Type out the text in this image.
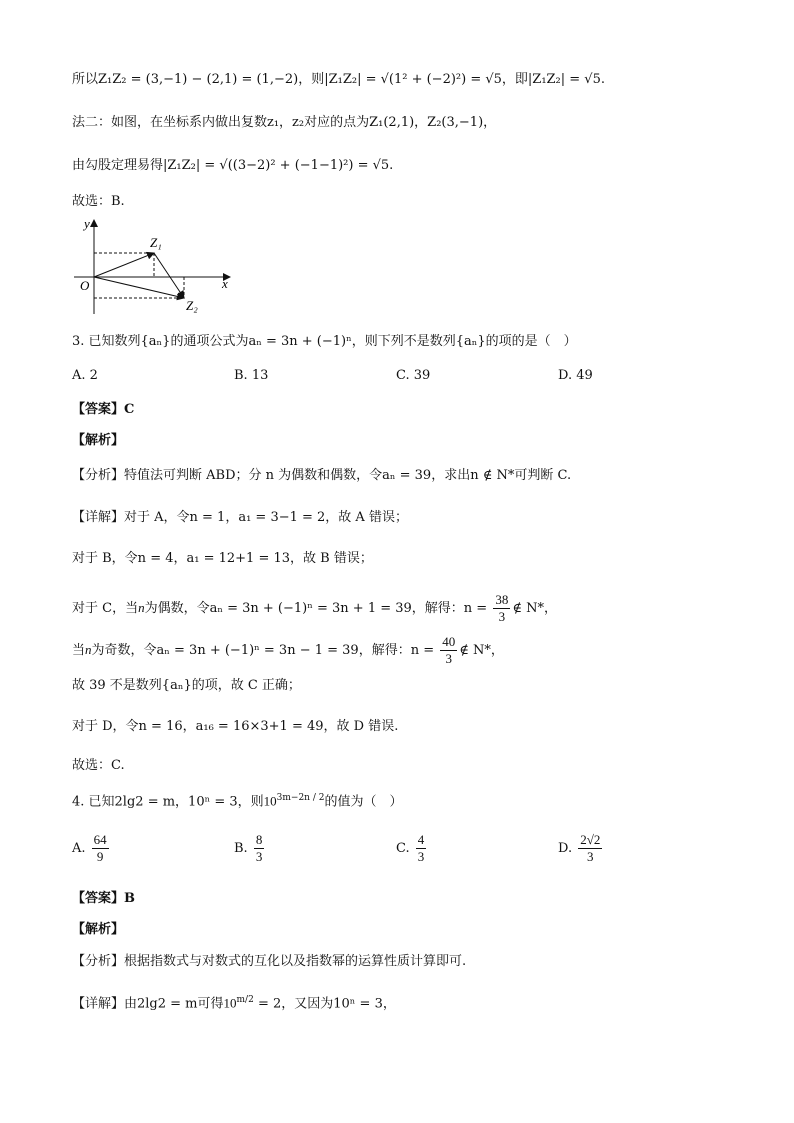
所以Z₁Z₂ = (3,−1) − (2,1) = (1,−2)，则|Z₁Z₂| = √(1² + (−2)²) = √5，即|Z₁Z₂| = √5.
法二：如图，在坐标系内做出复数z₁，z₂对应的点为Z₁(2,1)，Z₂(3,−1)，
由勾股定理易得|Z₁Z₂| = √((3−2)² + (−1−1)²) = √5.
故选：B.
y
x
O
Z₁
Z₂
3. 已知数列{aₙ}的通项公式为aₙ = 3n + (−1)ⁿ，则下列不是数列{aₙ}的项的是（　）
A. 2	B. 13	C. 39	D. 49
【答案】C
【解析】
【分析】特值法可判断 ABD；分 n 为偶数和偶数，令aₙ = 39，求出n ∉ N*可判断 C.
【详解】对于 A，令n = 1，a₁ = 3−1 = 2，故 A 错误；
对于 B，令n = 4，a₁ = 12+1 = 13，故 B 错误；
对于 C，当n为偶数，令aₙ = 3n + (−1)ⁿ = 3n + 1 = 39，解得：$n = \frac{38}{3}$ ∉ N*，
当n为奇数，令aₙ = 3n + (−1)ⁿ = 3n − 1 = 39，解得：$n = \frac{40}{3}$ ∉ N*，
故 39 不是数列{aₙ}的项，故 C 正确；
对于 D，令n = 16，a₁₆ = 16×3+1 = 49，故 D 错误.
故选：C.
4. 已知2lg2 = m，10ⁿ = 3，则$10^{3m-2n / 2}$的值为（　）
A. $\frac{64}{9}$	B. $\frac{8}{3}$	C. $\frac{4}{3}$	D. $\frac{2√2}{3}$
【答案】B
【解析】
【分析】根据指数式与对数式的互化以及指数幂的运算性质计算即可.
【详解】由2lg2 = m可得$10^{m/2} = 2$，又因为10ⁿ = 3，
